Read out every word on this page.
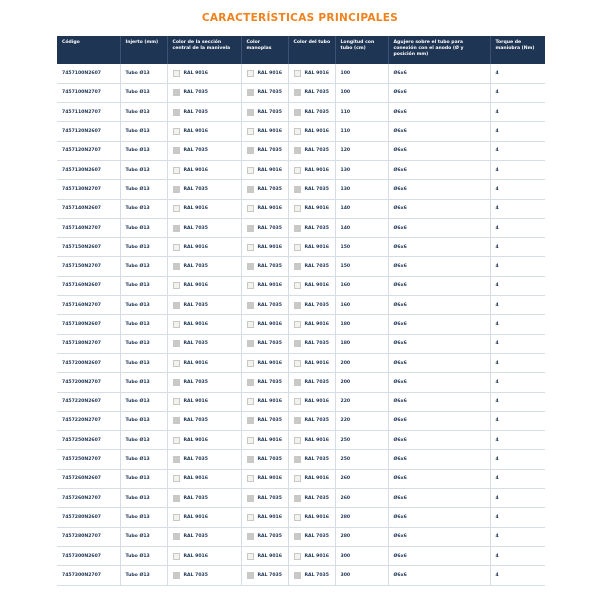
CARACTERÍSTICAS PRINCIPALES
Código	Injerto (mm)	Color de la sección central de la manivela	Color manoplas	Color del tubo	Longitud con tubo (cm)	Agujero sobre el tubo para conexión con el anodo (Ø y posición mm)	Torque de maniobra (Nm)
7457100N2607	Tubo Ø13	RAL 9016	RAL 9016	RAL 9016	100	Ø6x6	4
7457100N2707	Tubo Ø13	RAL 7035	RAL 7035	RAL 7035	100	Ø6x6	4
7457110N2707	Tubo Ø13	RAL 7035	RAL 7035	RAL 7035	110	Ø6x6	4
7457120N2607	Tubo Ø13	RAL 9016	RAL 9016	RAL 9016	110	Ø6x6	4
7457120N2707	Tubo Ø13	RAL 7035	RAL 7035	RAL 7035	120	Ø6x6	4
7457130N2607	Tubo Ø13	RAL 9016	RAL 9016	RAL 9016	130	Ø6x6	4
7457130N2707	Tubo Ø13	RAL 7035	RAL 7035	RAL 7035	130	Ø6x6	4
7457140N2607	Tubo Ø13	RAL 9016	RAL 9016	RAL 9016	140	Ø6x6	4
7457140N2707	Tubo Ø13	RAL 7035	RAL 7035	RAL 7035	140	Ø6x6	4
7457150N2607	Tubo Ø13	RAL 9016	RAL 9016	RAL 9016	150	Ø6x6	4
7457150N2707	Tubo Ø13	RAL 7035	RAL 7035	RAL 7035	150	Ø6x6	4
7457160N2607	Tubo Ø13	RAL 9016	RAL 9016	RAL 9016	160	Ø6x6	4
7457160N2707	Tubo Ø13	RAL 7035	RAL 7035	RAL 7035	160	Ø6x6	4
7457180N2607	Tubo Ø13	RAL 9016	RAL 9016	RAL 9016	180	Ø6x6	4
7457180N2707	Tubo Ø13	RAL 7035	RAL 7035	RAL 7035	180	Ø6x6	4
7457200N2607	Tubo Ø13	RAL 9016	RAL 9016	RAL 9016	200	Ø6x6	4
7457200N2707	Tubo Ø13	RAL 7035	RAL 7035	RAL 7035	200	Ø6x6	4
7457220N2607	Tubo Ø13	RAL 9016	RAL 9016	RAL 9016	220	Ø6x6	4
7457220N2707	Tubo Ø13	RAL 7035	RAL 7035	RAL 7035	220	Ø6x6	4
7457250N2607	Tubo Ø13	RAL 9016	RAL 9016	RAL 9016	250	Ø6x6	4
7457250N2707	Tubo Ø13	RAL 7035	RAL 7035	RAL 7035	250	Ø6x6	4
7457260N2607	Tubo Ø13	RAL 9016	RAL 9016	RAL 9016	260	Ø6x6	4
7457260N2707	Tubo Ø13	RAL 7035	RAL 7035	RAL 7035	260	Ø6x6	4
7457280N2607	Tubo Ø13	RAL 9016	RAL 9016	RAL 9016	280	Ø6x6	4
7457280N2707	Tubo Ø13	RAL 7035	RAL 7035	RAL 7035	280	Ø6x6	4
7457300N2607	Tubo Ø13	RAL 9016	RAL 9016	RAL 9016	300	Ø6x6	4
7457300N2707	Tubo Ø13	RAL 7035	RAL 7035	RAL 7035	300	Ø6x6	4
